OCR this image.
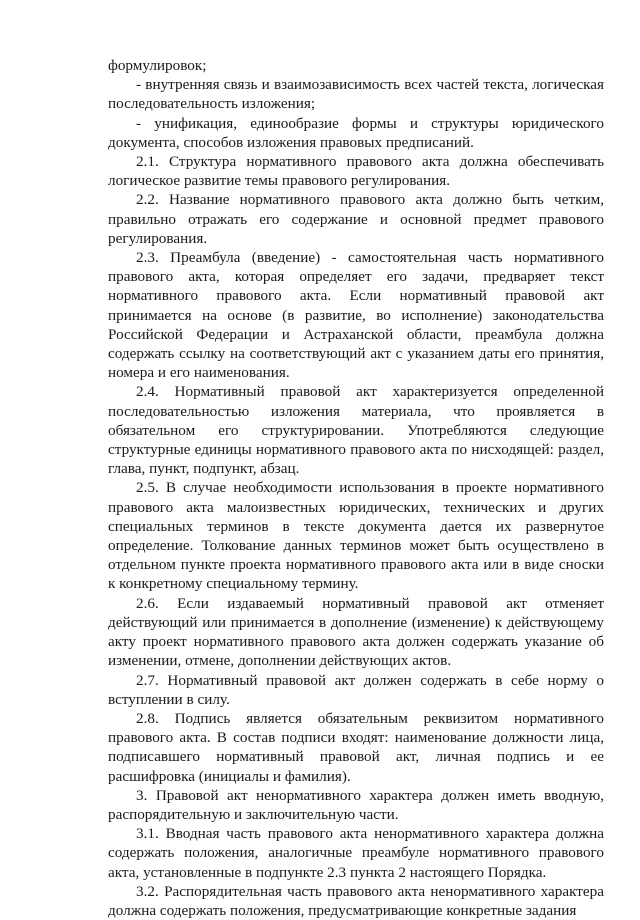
формулировок;

- внутренняя связь и взаимозависимость всех частей текста, логическая последовательность изложения;

- унификация, единообразие формы и структуры юридического документа, способов изложения правовых предписаний.

2.1. Структура нормативного правового акта должна обеспечивать логическое развитие темы правового регулирования.

2.2. Название нормативного правового акта должно быть четким, правильно отражать его содержание и основной предмет правового регулирования.

2.3. Преамбула (введение) - самостоятельная часть нормативного правового акта, которая определяет его задачи, предваряет текст нормативного правового акта. Если нормативный правовой акт принимается на основе (в развитие, во исполнение) законодательства Российской Федерации и Астраханской области, преамбула должна содержать ссылку на соответствующий акт с указанием даты его принятия, номера и его наименования.

2.4. Нормативный правовой акт характеризуется определенной последовательностью изложения материала, что проявляется в обязательном его структурировании. Употребляются следующие структурные единицы нормативного правового акта по нисходящей: раздел, глава, пункт, подпункт, абзац.

2.5. В случае необходимости использования в проекте нормативного правового акта малоизвестных юридических, технических и других специальных терминов в тексте документа дается их развернутое определение. Толкование данных терминов может быть осуществлено в отдельном пункте проекта нормативного правового акта или в виде сноски к конкретному специальному термину.

2.6. Если издаваемый нормативный правовой акт отменяет действующий или принимается в дополнение (изменение) к действующему акту проект нормативного правового акта должен содержать указание об изменении, отмене, дополнении действующих актов.

2.7. Нормативный правовой акт должен содержать в себе норму о вступлении в силу.

2.8. Подпись является обязательным реквизитом нормативного правового акта. В состав подписи входят: наименование должности лица, подписавшего нормативный правовой акт, личная подпись и ее расшифровка (инициалы и фамилия).

3. Правовой акт ненормативного характера должен иметь вводную, распорядительную и заключительную части.

3.1. Вводная часть правового акта ненормативного характера должна содержать положения, аналогичные преамбуле нормативного правового акта, установленные в подпункте 2.3 пункта 2 настоящего Порядка.

3.2. Распорядительная часть правового акта ненормативного характера должна содержать положения, предусматривающие конкретные задания
